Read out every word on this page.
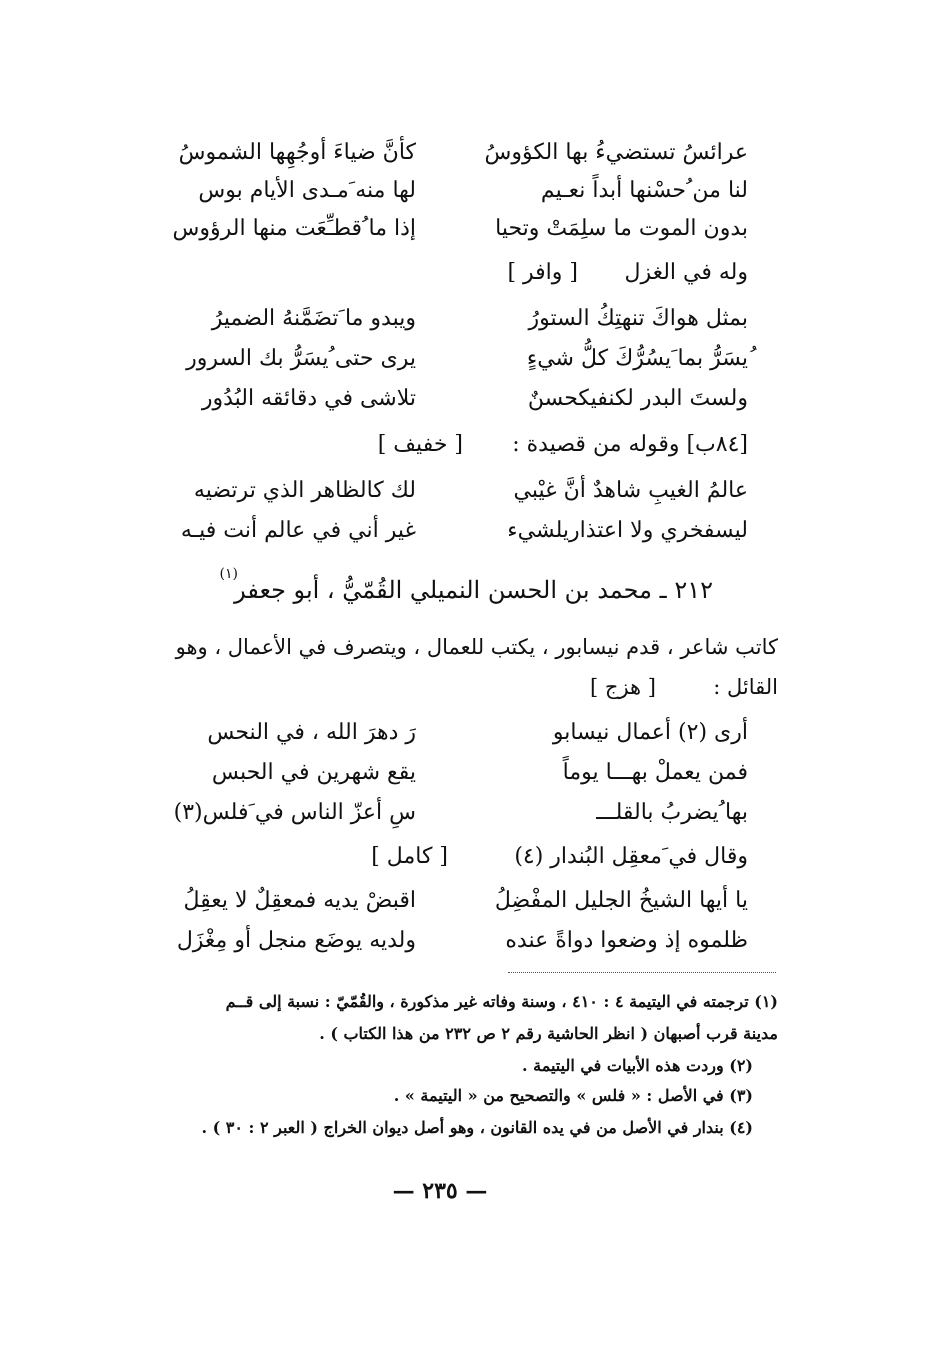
عرائسُ تستضيءُ بها الكؤوسُ
كأنَّ ضياءَ أوجُهِها الشموسُ
لنا من ُحسْنها أبداً نعـيم
لها منه َمـدى الأيام بوس
بدون الموت ما سلِمَتْ وتحيا
إذا ما ُقطـِّعَت منها الرؤوس
وله في الغزل
[ وافر ]
بمثل هواكَ تنهتِكُ الستورُ
ويبدو ما َتضَمَّنهُ الضميرُ
ُيسَرُّ بما َيسُرُّكَ كلُّ شيءٍ
يرى حتى ُيسَرُّ بك السرور
ولستَ البدر لكنفيكحسنٌ
تلاشى في دقائقه البُدُور
[٨٤ب] وقوله من قصيدة :
[ خفيف ]
عالمُ الغيبِ شاهدٌ أنَّ غيْبي
لك كالظاهر الذي ترتضيه
ليسفخري ولا اعتذاريلشيء
غير أني في عالم أنت فيـه
٢١٢ ـ محمد بن الحسن النميلي القُمّيُّ ، أبو جعفر
(١)
كاتب شاعر ، قدم نيسابور ، يكتب للعمال ، ويتصرف في الأعمال ، وهو
القائل :
[ هزج ]
أرى (٢) أعمال نيسابو
رَ دهرَ الله ، في النحس
فمن يعملْ بهـــا يوماً
يقع شهرين في الحبس
بها ُيضربُ بالقلـــ
سِ أعزّ الناس في َفلس(٣)
وقال في َمعقِل البُندار (٤)
[ كامل ]
يا أيها الشيخُ الجليل المفْضِلُ
اقبضْ يديه فمعقِلٌ لا يعقِلُ
ظلموه إذ وضعوا دواةً عنده
ولديه يوضَع منجل أو مِغْزَل
(١) ترجمته في اليتيمة ٤ : ٤١٠ ، وسنة وفاته غير مذكورة ، والقُمّيّ : نسبة إلى قــم
مدينة قرب أصبهان ( انظر الحاشية رقم ٢ ص ٢٣٢ من هذا الكتاب ) .
(٢) وردت هذه الأبيات في اليتيمة .
(٣) في الأصل : « فلس » والتصحيح من « اليتيمة » .
(٤) بندار في الأصل من في يده القانون ، وهو أصل ديوان الخراج ( العبر ٢ : ٣٠ ) .
— ٢٣٥ —
